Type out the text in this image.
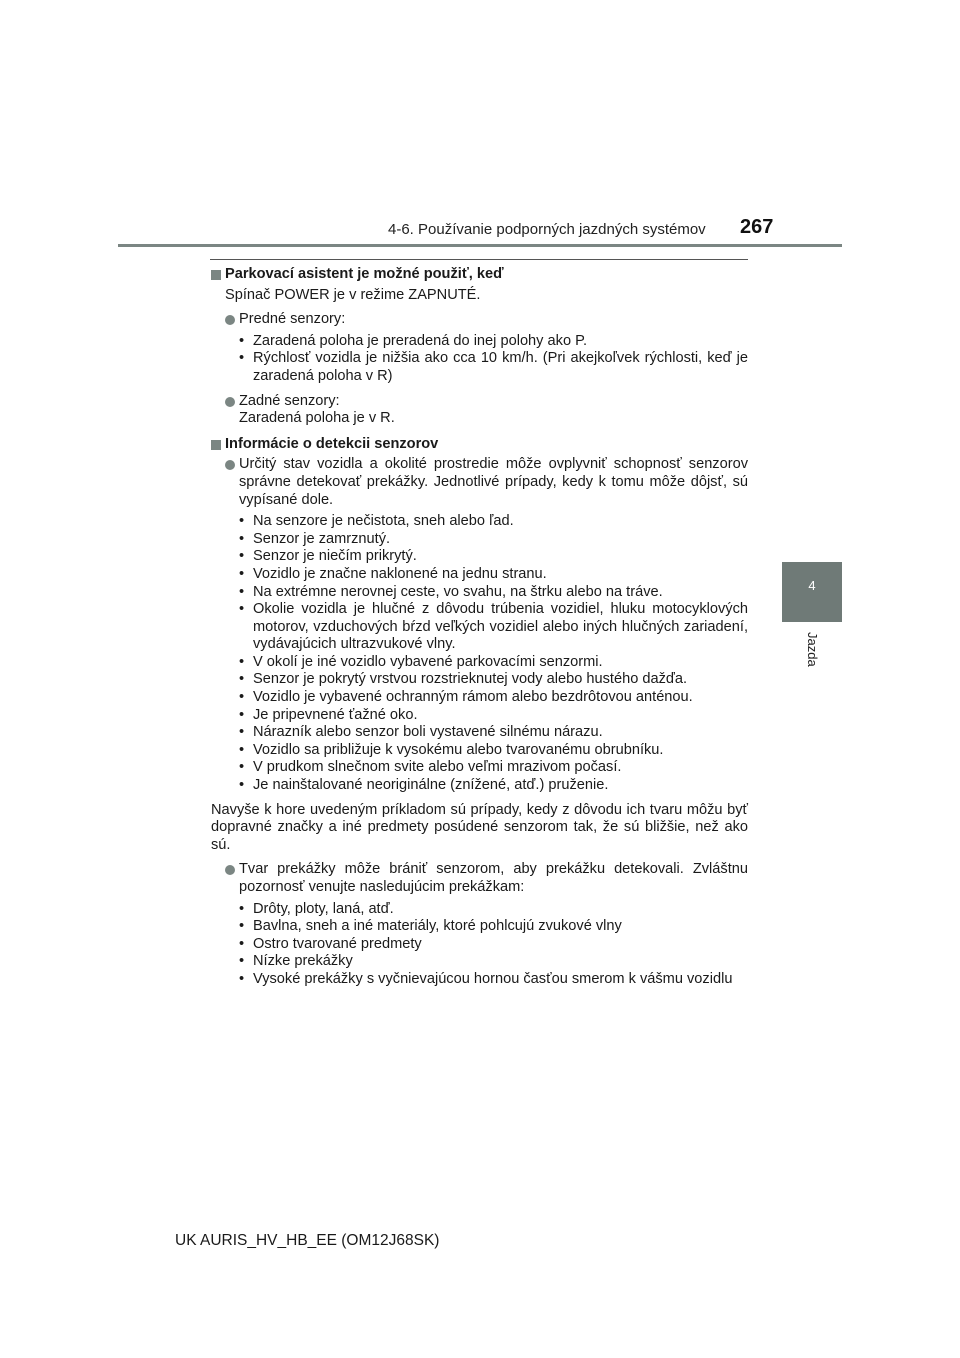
4-6. Používanie podporných jazdných systémov 267
4
Jazda
Parkovací asistent je možné použiť, keď
Spínač POWER je v režime ZAPNUTÉ.
Predné senzory:
• Zaradená poloha je preradená do inej polohy ako P.
• Rýchlosť vozidla je nižšia ako cca 10 km/h. (Pri akejkoľvek rýchlosti, keď je zaradená poloha v R)
Zadné senzory:
Zaradená poloha je v R.
Informácie o detekcii senzorov
Určitý stav vozidla a okolité prostredie môže ovplyvniť schopnosť senzorov správne detekovať prekážky. Jednotlivé prípady, kedy k tomu môže dôjsť, sú vypísané dole.
• Na senzore je nečistota, sneh alebo ľad.
• Senzor je zamrznutý.
• Senzor je niečím prikrytý.
• Vozidlo je značne naklonené na jednu stranu.
• Na extrémne nerovnej ceste, vo svahu, na štrku alebo na tráve.
• Okolie vozidla je hlučné z dôvodu trúbenia vozidiel, hluku motocyklových motorov, vzduchových bŕzd veľkých vozidiel alebo iných hlučných zariadení, vydávajúcich ultrazvukové vlny.
• V okolí je iné vozidlo vybavené parkovacími senzormi.
• Senzor je pokrytý vrstvou rozstrieknutej vody alebo hustého dažďa.
• Vozidlo je vybavené ochranným rámom alebo bezdrôtovou anténou.
• Je pripevnené ťažné oko.
• Nárazník alebo senzor boli vystavené silnému nárazu.
• Vozidlo sa približuje k vysokému alebo tvarovanému obrubníku.
• V prudkom slnečnom svite alebo veľmi mrazivom počasí.
• Je nainštalované neoriginálne (znížené, atď.) pruženie.
Navyše k hore uvedeným príkladom sú prípady, kedy z dôvodu ich tvaru môžu byť dopravné značky a iné predmety posúdené senzorom tak, že sú bližšie, než ako sú.
Tvar prekážky môže brániť senzorom, aby prekážku detekovali. Zvláštnu pozornosť venujte nasledujúcim prekážkam:
• Drôty, ploty, laná, atď.
• Bavlna, sneh a iné materiály, ktoré pohlcujú zvukové vlny
• Ostro tvarované predmety
• Nízke prekážky
• Vysoké prekážky s vyčnievajúcou hornou časťou smerom k vášmu vozidlu
UK AURIS_HV_HB_EE (OM12J68SK)
